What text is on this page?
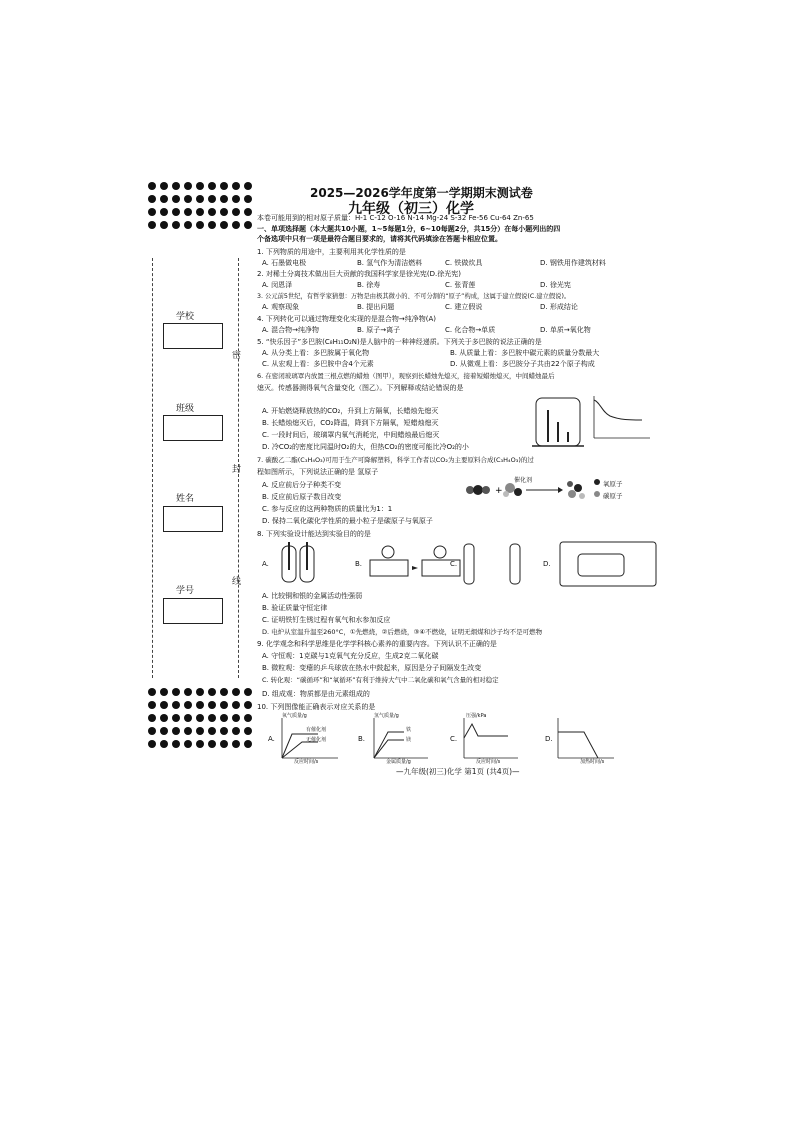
学校
班级
姓名
学号
密
封
线
2025—2026学年度第一学期期末测试卷
九年级（初三）化学
本卷可能用到的相对原子质量：H-1 C-12 O-16 N-14 Mg-24 S-32 Fe-56 Cu-64 Zn-65
一、单项选择题（本大题共10小题，1~5每题1分，6~10每题2分，共15分）在每小题列出的四
个备选项中只有一项是最符合题目要求的，请将其代码填涂在答题卡相应位置。
1. 下列物质的用途中，主要利用其化学性质的是
A. 石墨做电极	B. 氢气作为清洁燃料	C. 铁做炊具	D. 钢铁用作建筑材料
2. 对稀土分离技术做出巨大贡献的我国科学家是徐光宪(D.徐光宪)
A. 闵恩泽	B. 徐寿	C. 张青莲	D. 徐光宪
3. 公元前5世纪，有哲学家猜想：万物是由极其微小的、不可分割的“原子”构成，这属于建立假说(C.建立假说)。
A. 观察现象	B. 提出问题	C. 建立假说	D. 形成结论
4. 下列转化可以通过物理变化实现的是混合物→纯净物(A)
A. 混合物→纯净物	B. 原子→离子	C. 化合物→单质	D. 单质→氧化物
5. “快乐因子”多巴胺(C₈H₁₁O₂N)是人脑中的一种神经递质。下列关于多巴胺的说法正确的是
A. 从分类上看：多巴胺属于氧化物	B. 从质量上看：多巴胺中碳元素的质量分数最大
C. 从宏观上看：多巴胺中含4个元素	D. 从微观上看：多巴胺分子共由22个原子构成
6. 在密闭玻璃罩内放置三根点燃的蜡烛（图甲），观察到长蜡烛先熄灭，接着短蜡烛熄灭，中间蜡烛最后
熄灭。传感器测得氧气含量变化（图乙）。下列解释或结论错误的是
A. 开始燃烧释放热的CO₂，升到上方隔氧，长蜡烛先熄灭
B. 长蜡烛熄灭后，CO₂降温，降到下方隔氧，短蜡烛熄灭
C. 一段时间后，玻璃罩内氧气消耗完，中间蜡烛最后熄灭
D. 冷CO₂的密度比同温时O₂的大，但热CO₂的密度可能比冷O₂的小
7. 碳酸乙二酯(C₃H₄O₃)可用于生产可降解塑料，科学工作者以CO₂为主要原料合成(C₃H₄O₃)的过
程如图所示，下列说法正确的是 氢原子
A. 反应前后分子种类不变
B. 反应前后原子数目改变
C. 参与反应的这两种物质的质量比为1：1
D. 保持二氧化碳化学性质的最小粒子是碳原子与氧原子
+
催化剂	氧原子
碳原子
8. 下列实验设计能达到实验目的的是
A.	B.	C.	D.
A. 比较铜和银的金属活动性强弱
B. 验证质量守恒定律
C. 证明铁钉生锈过程有氧气和水参加反应
D. 电炉从室温升温至260°C，①先燃烧，②后燃烧，③④不燃烧，证明无烟煤和沙子均不是可燃物
9. 化学观念和科学思维是化学学科核心素养的重要内容。下列认识不正确的是
A. 守恒观：1克碳与1克氧气充分反应，生成2克二氧化碳
B. 微粒观：变瘪的乒乓球放在热水中鼓起来，原因是分子间隔发生改变
C. 转化观：“碳循环”和“氧循环”有利于维持大气中二氧化碳和氧气含量的相对稳定
D. 组成观：物质都是由元素组成的
10. 下列图像能正确表示对应关系的是
A.	B.	C.	D.
氧气质量/g
有催化剂
无催化剂
反应时间/s
氢气质量/g
铁
镁
金属质量/g
压强/kPa
反应时间/s	加热时间/s
—九年级(初三)化学 第1页 (共4页)—
